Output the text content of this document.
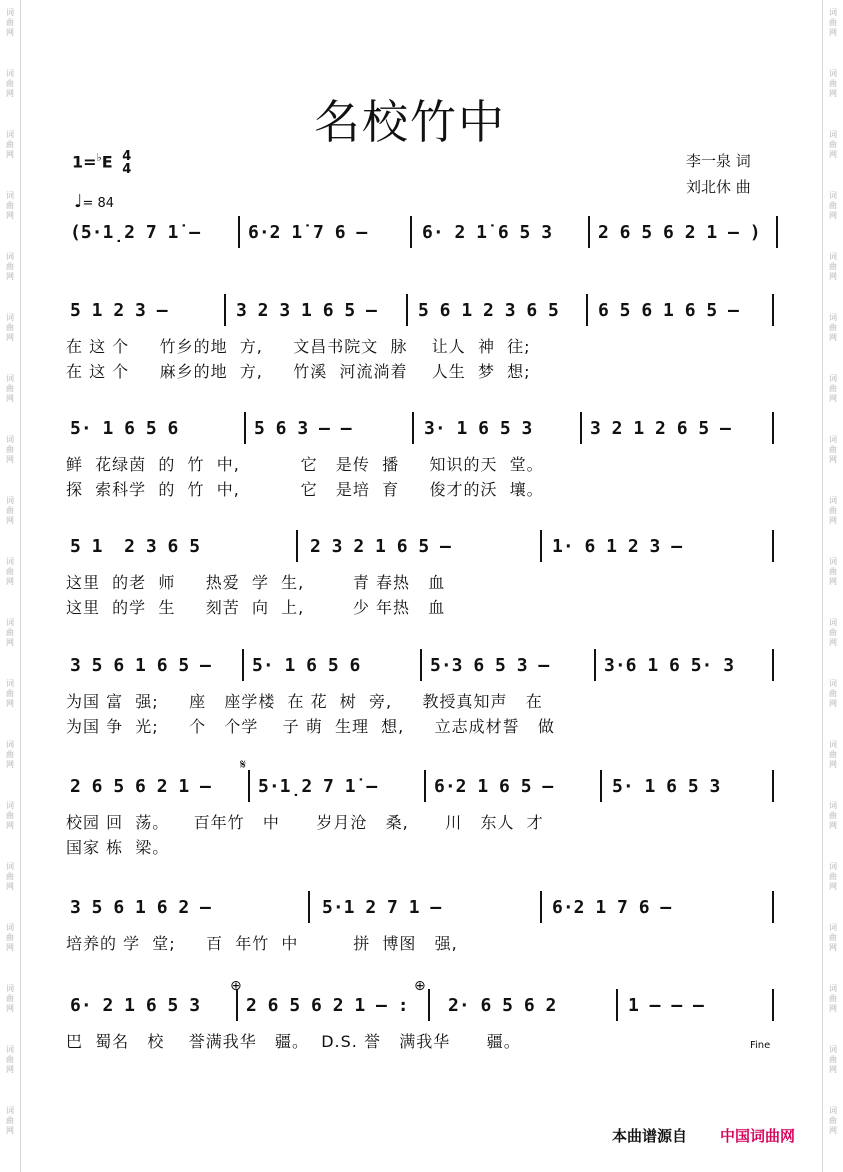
词
曲
网
词
曲
网
词
曲
网
词
曲
网
词
曲
网
词
曲
网
词
曲
网
词
曲
网
词
曲
网
词
曲
网
词
曲
网
词
曲
网
词
曲
网
词
曲
网
词
曲
网
词
曲
网
词
曲
网
词
曲
网
词
曲
网
词
曲
网
词
曲
网
词
曲
网
词
曲
网
词
曲
网
词
曲
网
词
曲
网
词
曲
网
词
曲
网
词
曲
网
词
曲
网
词
曲
网
词
曲
网
词
曲
网
词
曲
网
词
曲
网
词
曲
网
词
曲
网
词
曲
网
名校竹中
1=♭E 4
4
♩= 84
李一泉 词
刘北休 曲
(5·1̣2 7 1̇ —	6·2 1̇ 7 6 —	6· 2 1̇ 6 5 3	2 6 5 6 2 1 — )
5 1 2 3 —	3 2 3 1 6 5 — 5 6 1 2 3 6 5 6 5 6 1 6 5 —
在 这 个     竹乡的地  方,     文昌书院文  脉    让人  神  往;
在 这 个     麻乡的地  方,     竹溪  河流淌着    人生  梦  想;
5· 1 6 5 6	5 6 3 — —	3· 1 6 5 3	3 2 1 2 6 5 —
鲜  花绿茵  的  竹  中,          它   是传  播     知识的天  堂。
探  索科学  的  竹  中,          它   是培  育     俊才的沃  壤。
5 1  2 3 6 5	2 3 2 1 6 5 —	1· 6 1 2 3 —
这里  的老  师     热爱  学  生,        青 春热   血
这里  的学  生     刻苦  向  上,        少 年热   血
3 5 6 1 6 5 — 5· 1 6 5 6	5·3 6 5 3 —	3·6 1 6 5· 3
为国 富  强;     座   座学楼  在 花  树  旁,     教授真知声   在
为国 争  光;     个   个学    子 萌  生理  想,     立志成材誓   做
2 6 5 6 2 1 —	5·1̣2 7 1̇ —	6·2 1 6 5 —	5· 1 6 5 3
校园 回  荡。    百年竹   中      岁月沧   桑,      川   东人  才
国家 栋  梁。
3 5 6 1 6 2 —	5·1 2 7 1 —	6·2 1 7 6 —
培养的 学  堂;     百  年竹  中         拼  博图   强,
6· 2 1 6 5 3	2 6 5 6 2 1 — : 2· 6 5 6 2	1 — — —
巴  蜀名   校    誉满我华   疆。  D.S. 誉   满我华      疆。
𝄋
⊕	⊕
Fine
本曲谱源自 中国词曲网
